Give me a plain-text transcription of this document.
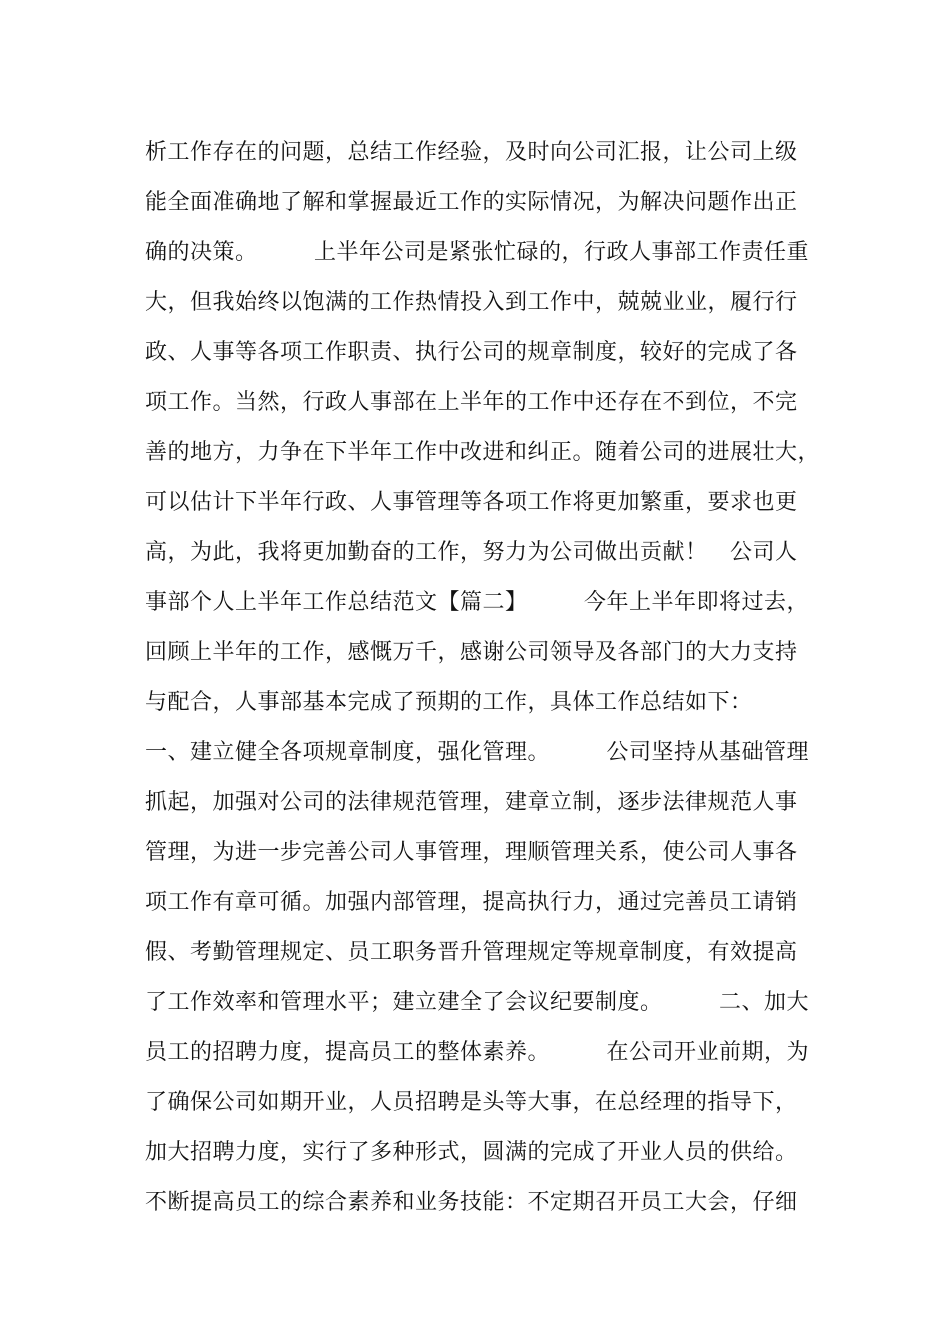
析工作存在的问题，总结工作经验，及时向公司汇报，让公司上级
能全面准确地了解和掌握最近工作的实际情况，为解决问题作出正
确的决策。　　　上半年公司是紧张忙碌的，行政人事部工作责任重
大，但我始终以饱满的工作热情投入到工作中，兢兢业业，履行行
政、人事等各项工作职责、执行公司的规章制度，较好的完成了各
项工作。当然，行政人事部在上半年的工作中还存在不到位，不完
善的地方，力争在下半年工作中改进和纠正。随着公司的进展壮大，
可以估计下半年行政、人事管理等各项工作将更加繁重，要求也更
高，为此，我将更加勤奋的工作，努力为公司做出贡献！　公司人
事部个人上半年工作总结范文【篇二】　　　今年上半年即将过去，
回顾上半年的工作，感慨万千，感谢公司领导及各部门的大力支持
与配合，人事部基本完成了预期的工作，具体工作总结如下：
一、建立健全各项规章制度，强化管理。　　　公司坚持从基础管理
抓起，加强对公司的法律规范管理，建章立制，逐步法律规范人事
管理，为进一步完善公司人事管理，理顺管理关系，使公司人事各
项工作有章可循。加强内部管理，提高执行力，通过完善员工请销
假、考勤管理规定、员工职务晋升管理规定等规章制度，有效提高
了工作效率和管理水平；建立建全了会议纪要制度。　　　二、加大
员工的招聘力度，提高员工的整体素养。　　　在公司开业前期，为
了确保公司如期开业，人员招聘是头等大事，在总经理的指导下，
加大招聘力度，实行了多种形式，圆满的完成了开业人员的供给。
不断提高员工的综合素养和业务技能：不定期召开员工大会，仔细
